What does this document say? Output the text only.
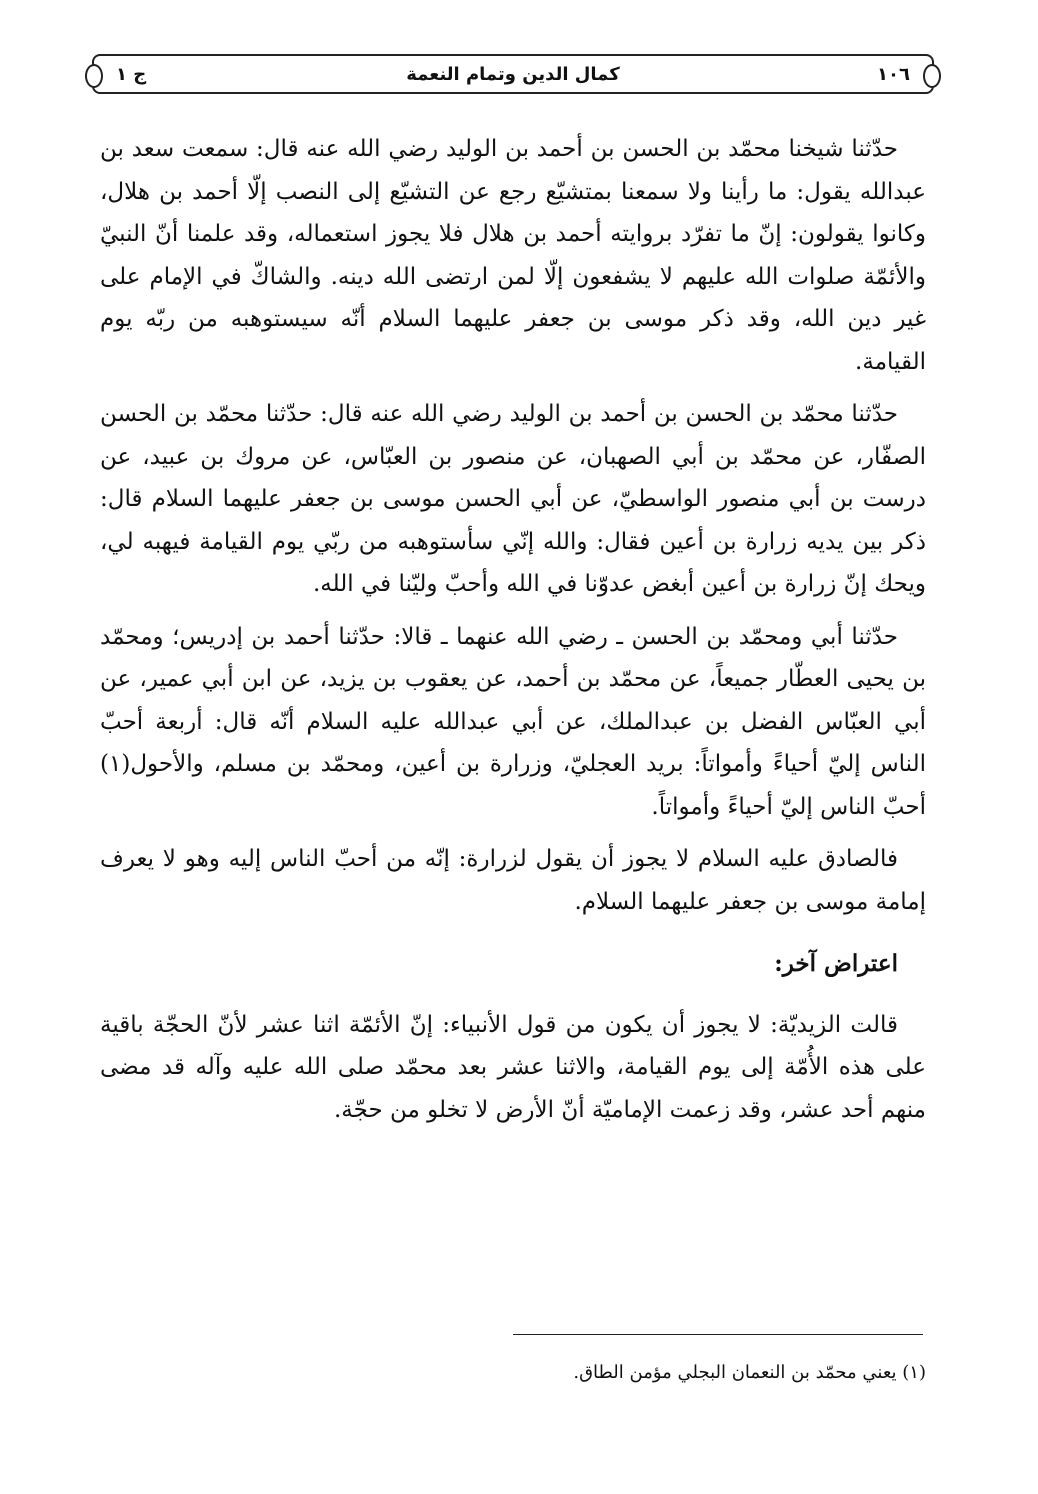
١٠٦
كمال الدين وتمام النعمة
ج ١

حدّثنا شيخنا محمّد بن الحسن بن أحمد بن الوليد رضي الله عنه قال: سمعت سعد بن عبدالله يقول: ما رأينا ولا سمعنا بمتشيّع رجع عن التشيّع إلى النصب إلّا أحمد بن هلال، وكانوا يقولون: إنّ ما تفرّد بروايته أحمد بن هلال فلا يجوز استعماله، وقد علمنا أنّ النبيّ والأئمّة صلوات الله عليهم لا يشفعون إلّا لمن ارتضى الله دينه. والشاكّ في الإمام على غير دين الله، وقد ذكر موسى بن جعفر عليهما السلام أنّه سيستوهبه من ربّه يوم القيامة.

حدّثنا محمّد بن الحسن بن أحمد بن الوليد رضي الله عنه قال: حدّثنا محمّد بن الحسن الصفّار، عن محمّد بن أبي الصهبان، عن منصور بن العبّاس، عن مروك بن عبيد، عن درست بن أبي منصور الواسطيّ، عن أبي الحسن موسى بن جعفر عليهما السلام قال: ذكر بين يديه زرارة بن أعين فقال: والله إنّي سأستوهبه من ربّي يوم القيامة فيهبه لي، ويحك إنّ زرارة بن أعين أبغض عدوّنا في الله وأحبّ وليّنا في الله.

حدّثنا أبي ومحمّد بن الحسن ـ رضي الله عنهما ـ قالا: حدّثنا أحمد بن إدريس؛ ومحمّد بن يحيى العطّار جميعاً، عن محمّد بن أحمد، عن يعقوب بن يزيد، عن ابن أبي عمير، عن أبي العبّاس الفضل بن عبدالملك، عن أبي عبدالله عليه السلام أنّه قال: أربعة أحبّ الناس إليّ أحياءً وأمواتاً: بريد العجليّ، وزرارة بن أعين، ومحمّد بن مسلم، والأحول(١) أحبّ الناس إليّ أحياءً وأمواتاً.

فالصادق عليه السلام لا يجوز أن يقول لزرارة: إنّه من أحبّ الناس إليه وهو لا يعرف إمامة موسى بن جعفر عليهما السلام.

اعتراض آخر:

قالت الزيديّة: لا يجوز أن يكون من قول الأنبياء: إنّ الأئمّة اثنا عشر لأنّ الحجّة باقية على هذه الأُمّة إلى يوم القيامة، والاثنا عشر بعد محمّد صلى الله عليه وآله قد مضى منهم أحد عشر، وقد زعمت الإماميّة أنّ الأرض لا تخلو من حجّة.

(١) يعني محمّد بن النعمان البجلي مؤمن الطاق.
